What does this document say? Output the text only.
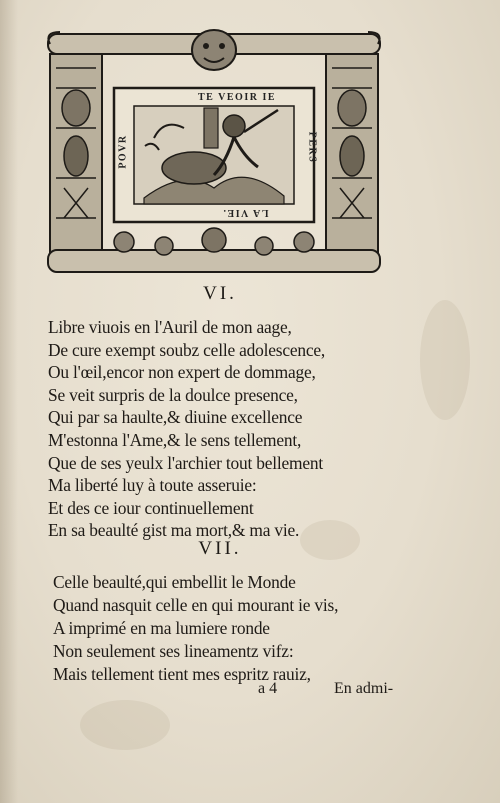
TE VEOIR IE
PERS
LA VIE.
POVR
VI.
Libre viuois en l'Auril de mon aage,
De cure exempt soubz celle adolescence,
Ou l'œil,encor non expert de dommage,
Se veit surpris de la doulce presence,
Qui par sa haulte,& diuine excellence
M'estonna l'Ame,& le sens tellement,
Que de ses yeulx l'archier tout bellement
Ma liberté luy à toute asseruie:
Et des ce iour continuellement
En sa beaulté gist ma mort,& ma vie.
VII.
Celle beaulté,qui embellit le Monde
Quand nasquit celle en qui mourant ie vis,
A imprimé en ma lumiere ronde
Non seulement ses lineamentz vifz:
Mais tellement tient mes espritz rauiz,
a 4	En admi-
